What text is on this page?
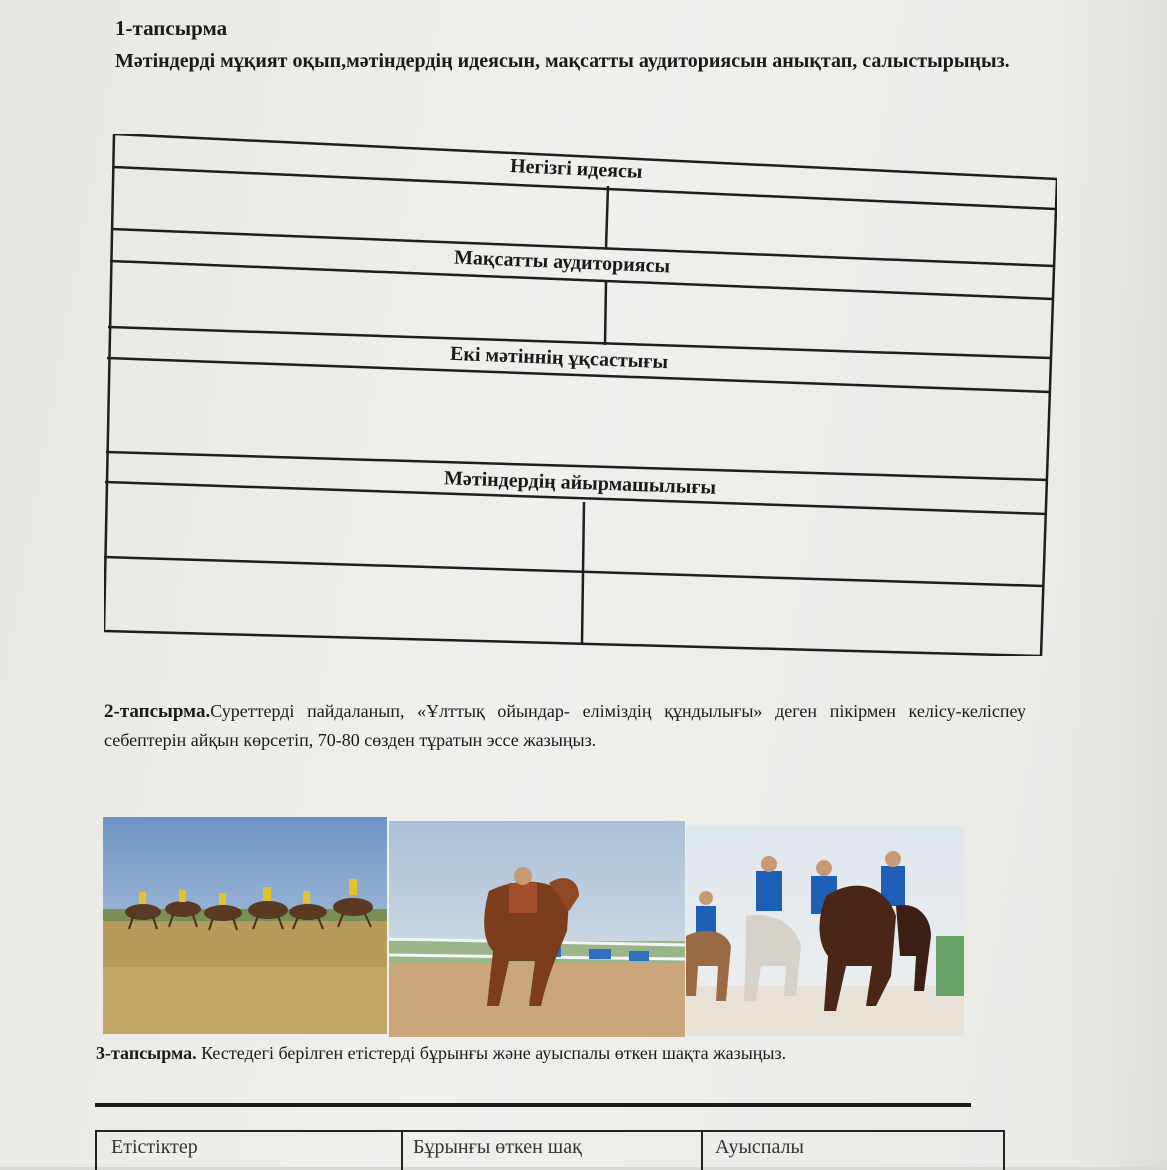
1-тапсырма
Мәтіндерді мұқият оқып,мәтіндердің идеясын, мақсатты аудиториясын анықтап, салыстырыңыз.
Негізгі идеясы
Мақсатты аудиториясы
Екі мәтіннің ұқсастығы
Мәтіндердің айырмашылығы
2-тапсырма.Суреттерді пайдаланып, «Ұлттық ойындар- еліміздің құндылығы» деген пікірмен келісу-келіспеу себептерін айқын көрсетіп, 70-80 сөзден тұратын эссе жазыңыз.
3-тапсырма. Кестедегі берілген етістерді бұрынғы және ауыспалы өткен шақта жазыңыз.
Етістіктер	Бұрынғы өткен шақ	Ауыспалы
